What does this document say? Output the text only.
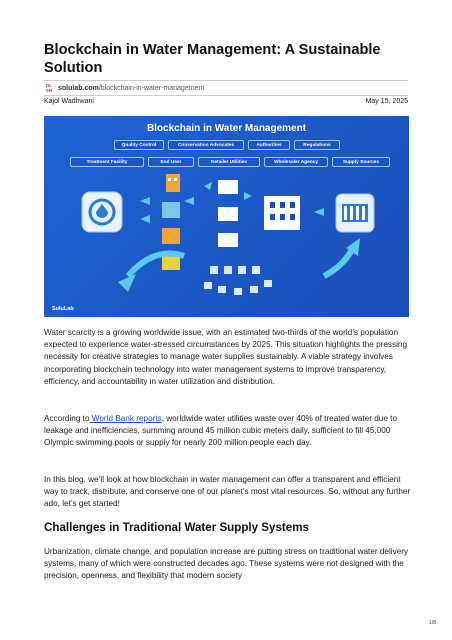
Blockchain in Water Management: A Sustainable Solution
DL
SH solulab.com/blockchain-in-water-management
Kajol Wadhwani	May 15, 2025
Blockchain in Water Management
Quality Control	Conservation Advocates	Authorities	Regulations
Treatment Facility	End User	Retailer Utilities	Wholesaler Agency	Supply Sources
SoluLab
Water scarcity is a growing worldwide issue, with an estimated two-thirds of the world’s population expected to experience water-stressed circumstances by 2025. This situation highlights the pressing necessity for creative strategies to manage water supplies sustainably. A viable strategy involves incorporating blockchain technology into water management systems to improve transparency, efficiency, and accountability in water utilization and distribution.
According to World Bank reports, worldwide water utilities waste over 40% of treated water due to leakage and inefficiencies, summing around 45 million cubic meters daily, sufficient to fill 45,000 Olympic swimming pools or supply for nearly 200 million people each day.
In this blog, we’ll look at how blockchain in water management can offer a transparent and efficient way to track, distribute, and conserve one of our planet’s most vital resources. So, without any further ado, let’s get started!
Challenges in Traditional Water Supply Systems
Urbanization, climate change, and population increase are putting stress on traditional water delivery systems, many of which were constructed decades ago. These systems were not designed with the precision, openness, and flexibility that modern society
1/8
